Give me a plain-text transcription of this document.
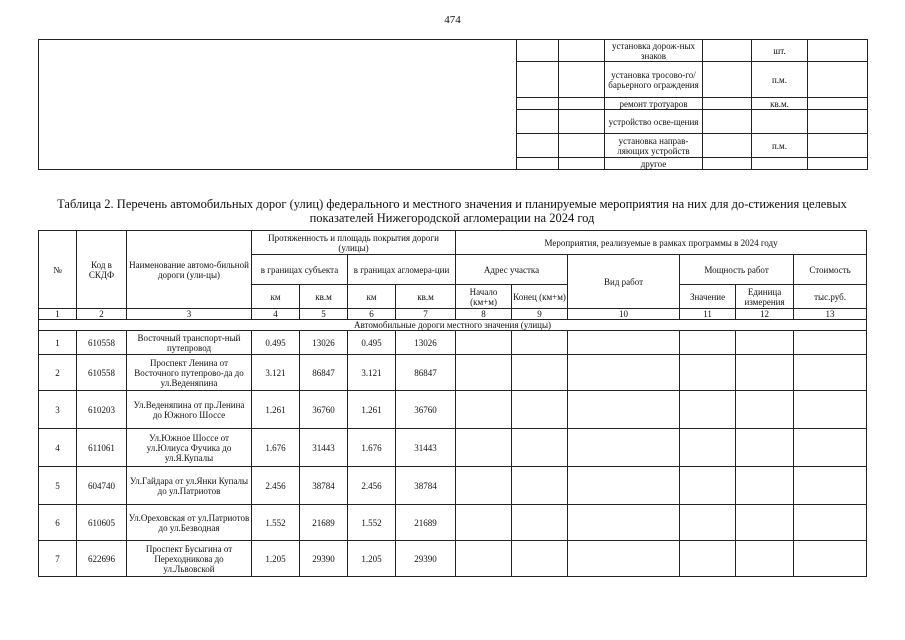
474
			установка дорож-ных знаков		шт.	
			установка тросово-го/барьерного ограждения		п.м.	
			ремонт тротуаров		кв.м.	
			устройство осве-щения			
			установка направ-ляющих устройств		п.м.	
			другое			
Таблица 2. Перечень автомобильных дорог (улиц) федерального и местного значения и планируемые мероприятия на них для до-стижения целевых показателей Нижегородской агломерации на 2024 год
№	Код в СКДФ	Наименование автомо-бильной дороги (ули-цы)	Протяженность и площадь покрытия дороги (улицы)				Мероприятия, реализуемые в рамках программы в 2024 году					
			в границах субъекта		в границах агломера-ции		Адрес участка		Вид работ	Мощность работ		Стоимость
			км	кв.м	км	кв.м	Начало (км+м)	Конец (км+м)		Значение	Единица измерения	тыс.руб.
1	2	3	4	5	6	7	8	9	10	11	12	13
Автомобильные дороги местного значения (улицы)												
1	610558	Восточный транспорт-ный путепровод	0.495	13026	0.495	13026						
2	610558	Проспект Ленина от Восточного путепрово-да до ул.Веденяпина	3.121	86847	3.121	86847						
3	610203	Ул.Веденяпина от пр.Ленина до Южного Шоссе	1.261	36760	1.261	36760						
4	611061	Ул.Южное Шоссе от ул.Юлиуса Фучика до ул.Я.Купалы	1.676	31443	1.676	31443						
5	604740	Ул.Гайдара от ул.Янки Купалы до ул.Патриотов	2.456	38784	2.456	38784						
6	610605	Ул.Ореховская от ул.Патриотов до ул.Безводная	1.552	21689	1.552	21689						
7	622696	Проспект Бусыгина от Переходникова до ул.Львовской	1.205	29390	1.205	29390						
